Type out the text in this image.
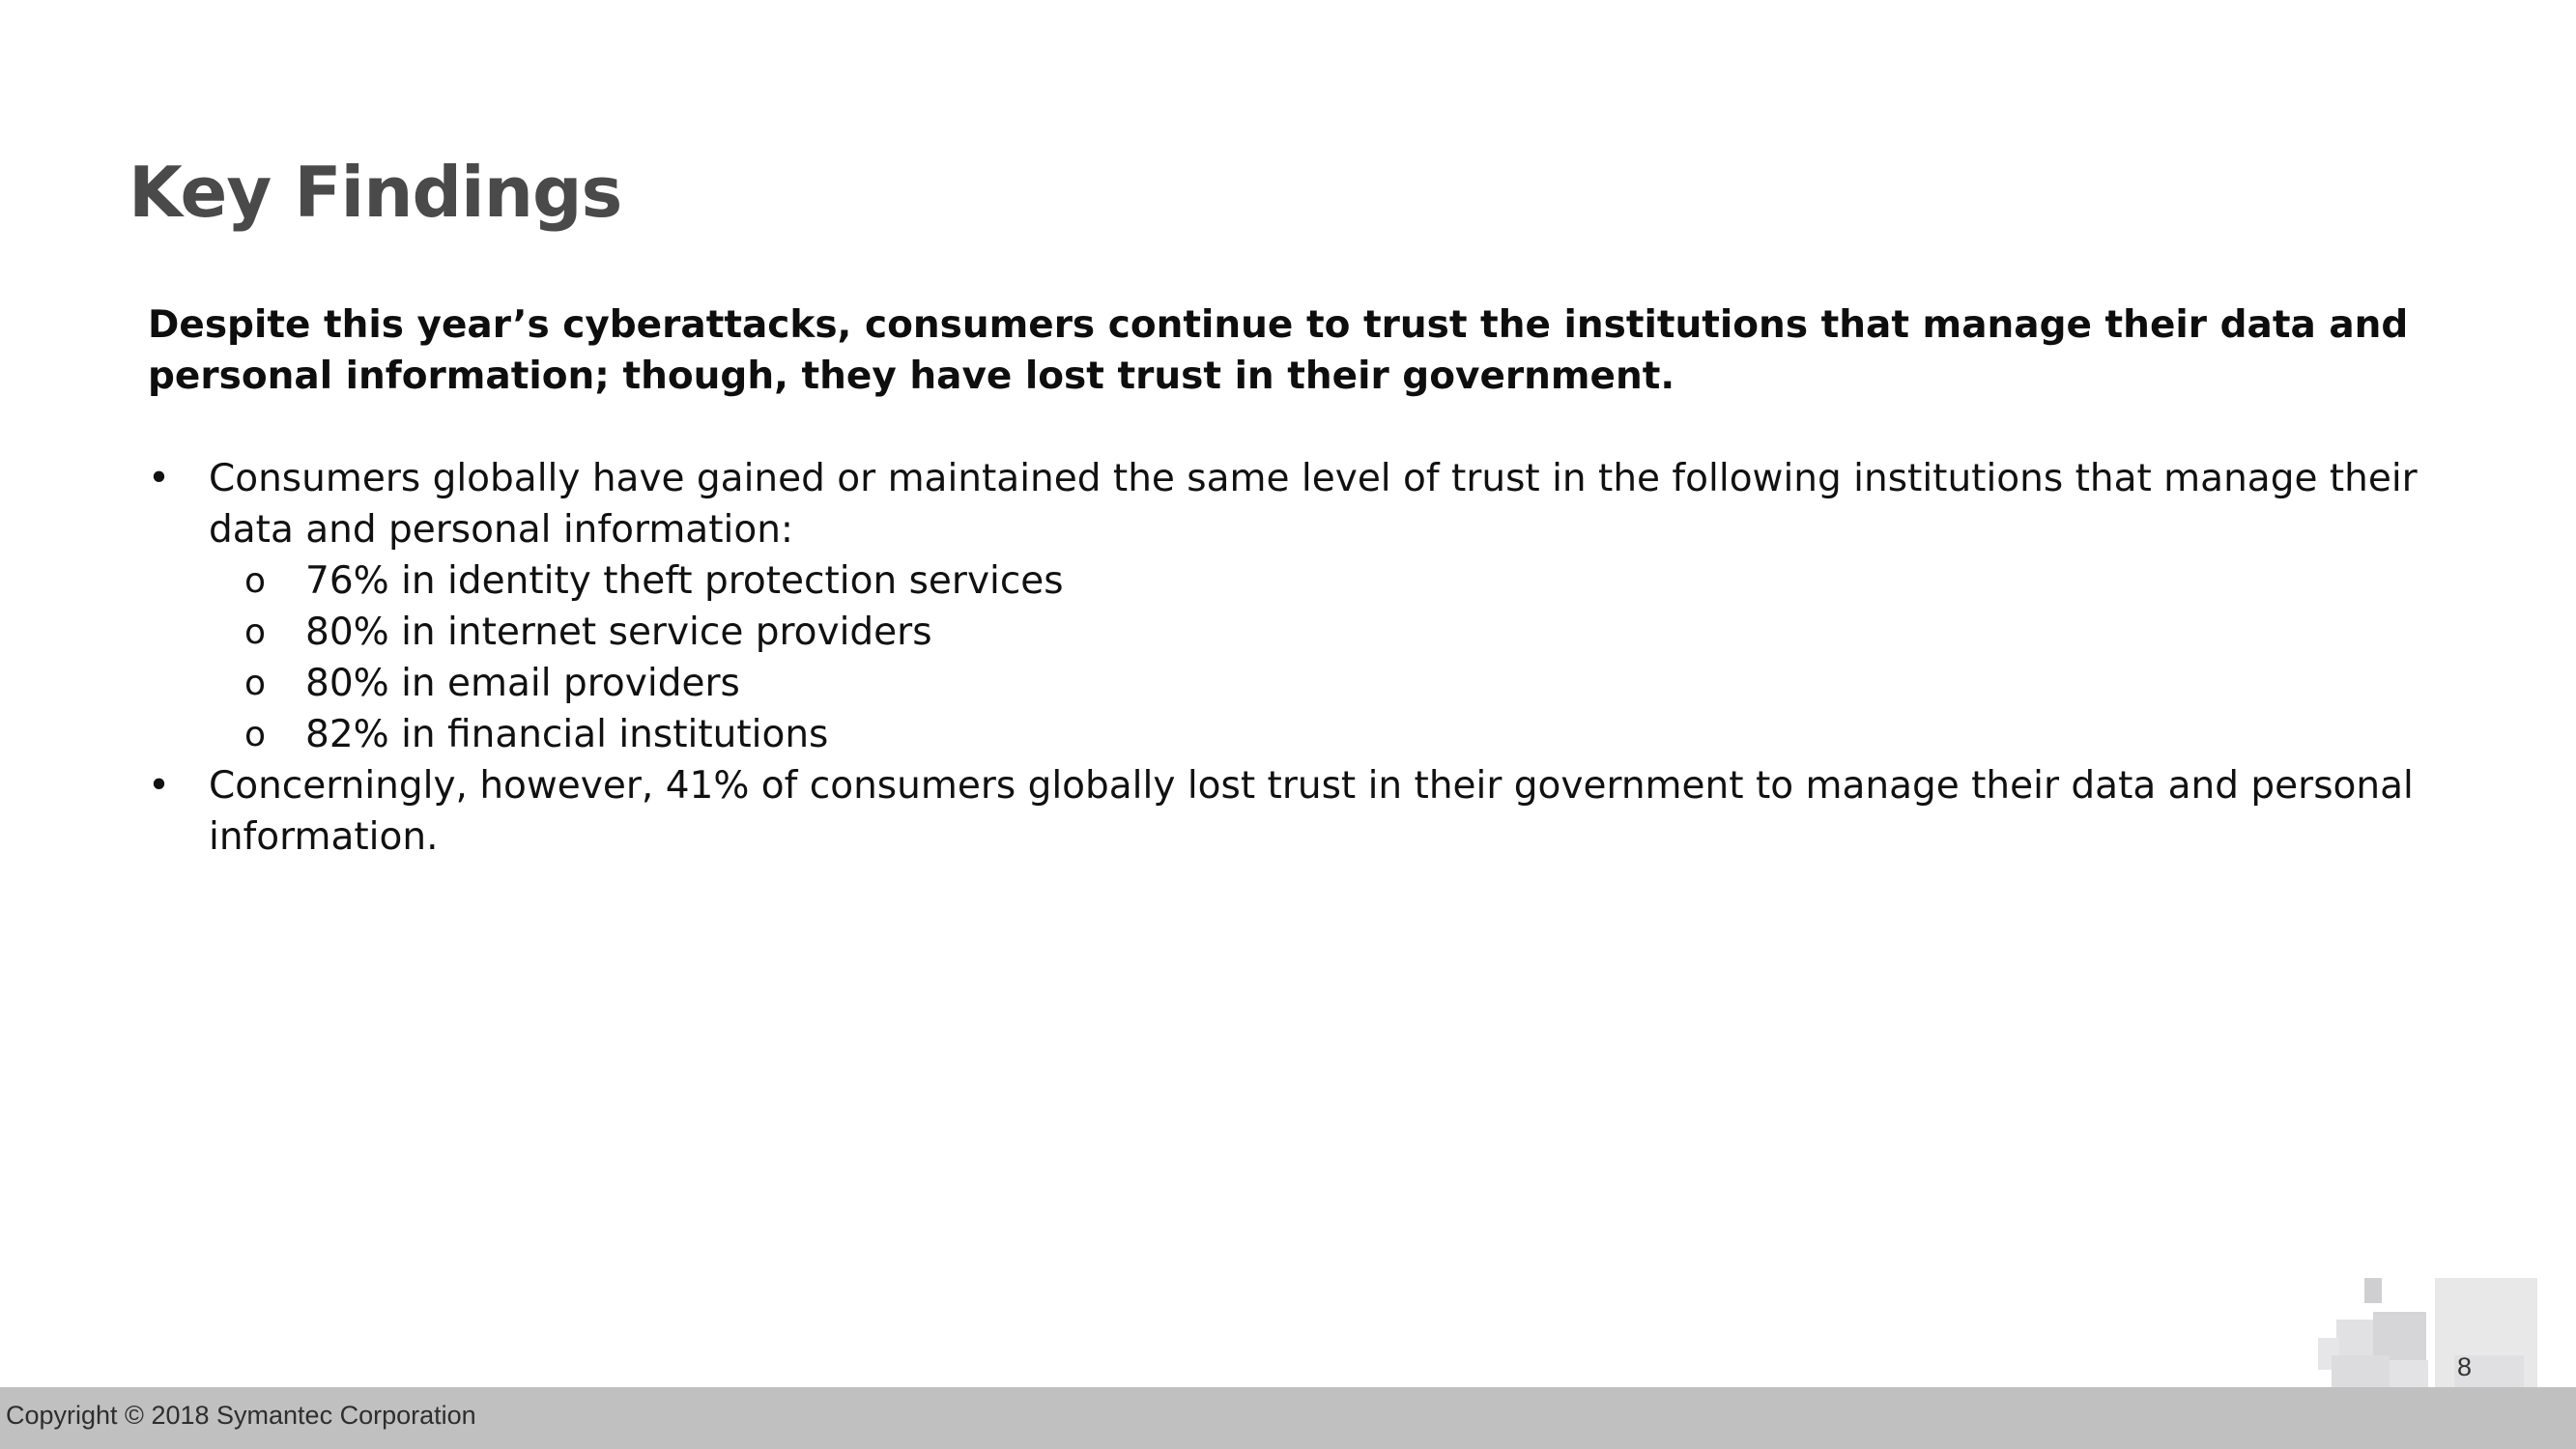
Key Findings

Despite this year’s cyberattacks, consumers continue to trust the institutions that manage their data and personal information; though, they have lost trust in their government.

• Consumers globally have gained or maintained the same level of trust in the following institutions that manage their data and personal information:
o 76% in identity theft protection services
o 80% in internet service providers
o 80% in email providers
o 82% in financial institutions
• Concerningly, however, 41% of consumers globally lost trust in their government to manage their data and personal information.
8
Copyright © 2018 Symantec Corporation
